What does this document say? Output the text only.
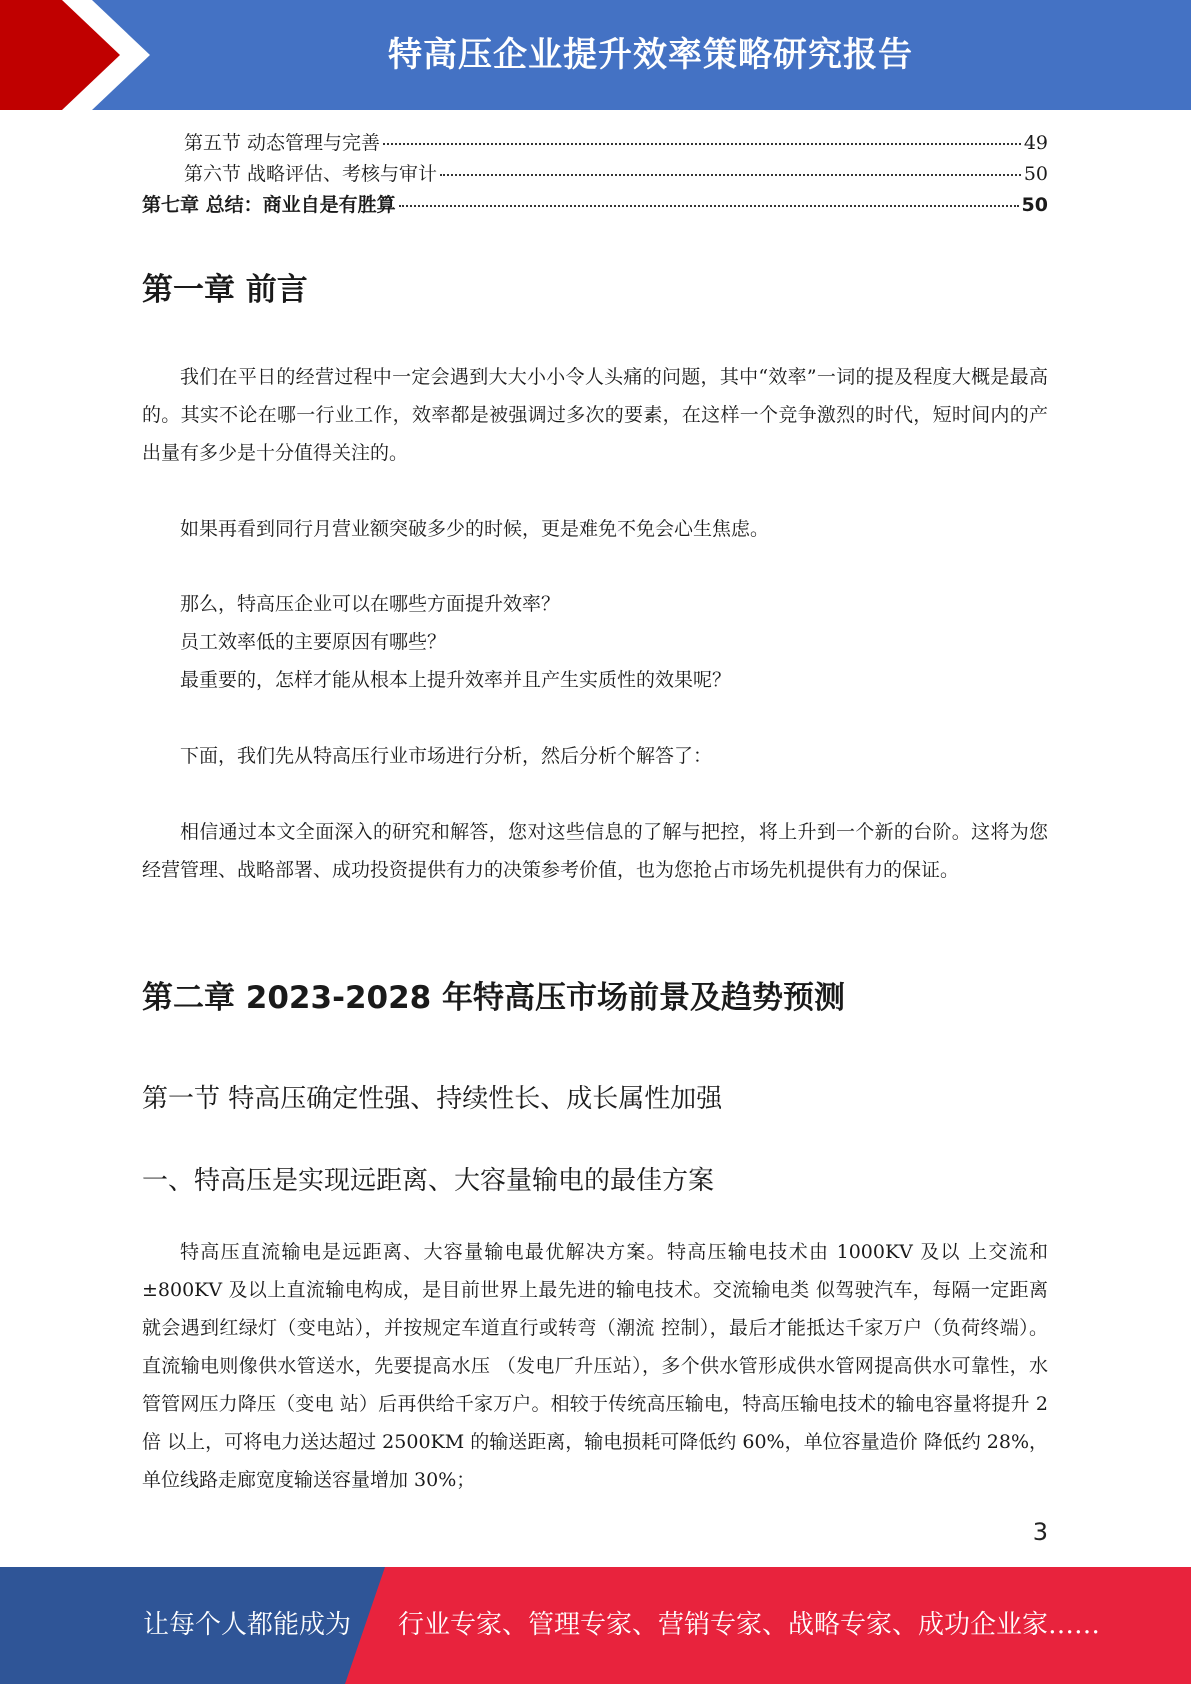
特高压企业提升效率策略研究报告
第五节 动态管理与完善	49
第六节 战略评估、考核与审计	50
第七章 总结：商业自是有胜算	50
第一章 前言

我们在平日的经营过程中一定会遇到大大小小令人头痛的问题，其中“效率”一词的提及程度大概是最高的。其实不论在哪一行业工作，效率都是被强调过多次的要素，在这样一个竞争激烈的时代，短时间内的产出量有多少是十分值得关注的。

如果再看到同行月营业额突破多少的时候，更是难免不免会心生焦虑。
那么，特高压企业可以在哪些方面提升效率？
员工效率低的主要原因有哪些？
最重要的，怎样才能从根本上提升效率并且产生实质性的效果呢？
下面，我们先从特高压行业市场进行分析，然后分析个解答了：

相信通过本文全面深入的研究和解答，您对这些信息的了解与把控，将上升到一个新的台阶。这将为您经营管理、战略部署、成功投资提供有力的决策参考价值，也为您抢占市场先机提供有力的保证。

第二章 2023-2028 年特高压市场前景及趋势预测
第一节 特高压确定性强、持续性长、成长属性加强
一、特高压是实现远距离、大容量输电的最佳方案

特高压直流输电是远距离、大容量输电最优解决方案。特高压输电技术由 1000KV 及以 上交流和±800KV 及以上直流输电构成，是目前世界上最先进的输电技术。交流输电类 似驾驶汽车，每隔一定距离就会遇到红绿灯（变电站），并按规定车道直行或转弯（潮流 控制），最后才能抵达千家万户（负荷终端）。直流输电则像供水管送水，先要提高水压 （发电厂升压站），多个供水管形成供水管网提高供水可靠性，水管管网压力降压（变电 站）后再供给千家万户。相较于传统高压输电，特高压输电技术的输电容量将提升 2 倍 以上，可将电力送达超过 2500KM 的输送距离，输电损耗可降低约 60%，单位容量造价 降低约 28%，单位线路走廊宽度输送容量增加 30%；

3
让每个人都能成为 行业专家、管理专家、营销专家、战略专家、成功企业家……
